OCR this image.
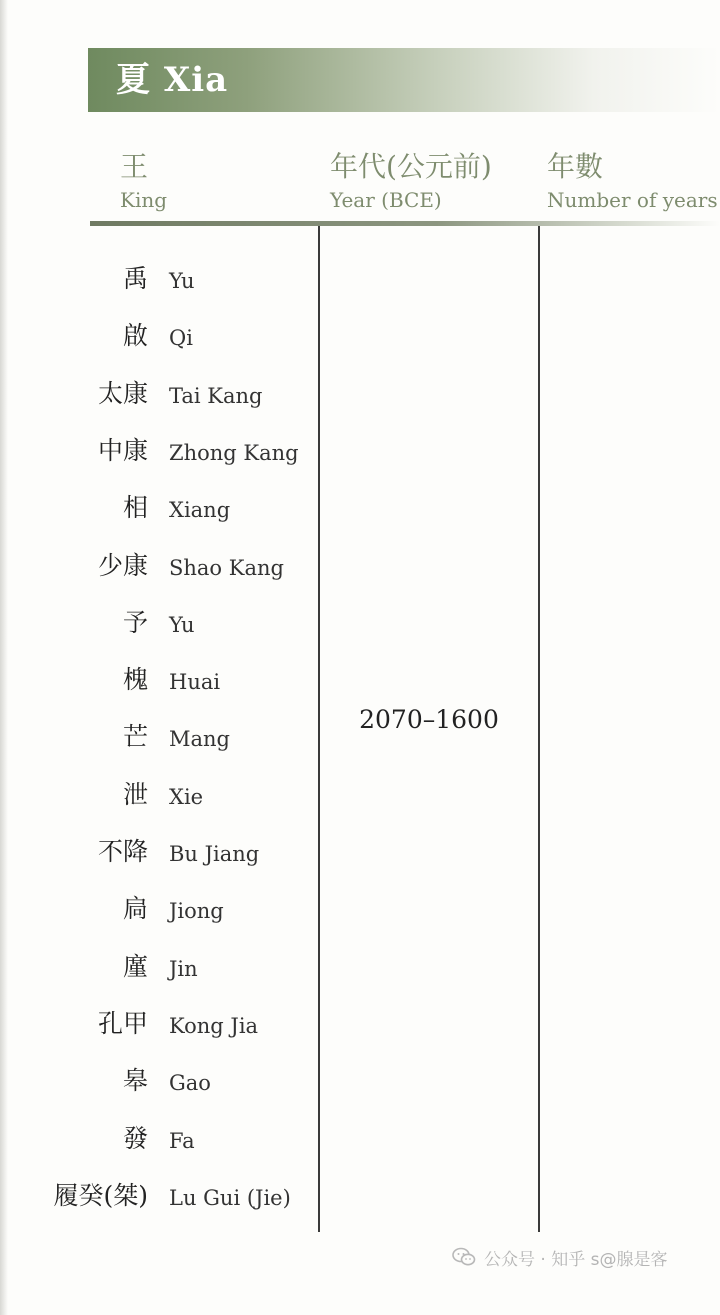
夏 Xia
王
King
年代(公元前)
Year (BCE)
年數
Number of years
禹 Yu
啟 Qi
太康 Tai Kang
中康 Zhong Kang
相 Xiang
少康 Shao Kang
予 Yu
槐 Huai
芒 Mang
泄 Xie
不降 Bu Jiang
扃 Jiong
廑 Jin
孔甲 Kong Jia
皋 Gao
發 Fa
履癸(桀) Lu Gui (Jie)
2070–1600
公众号 · 知乎 s@腺是客
